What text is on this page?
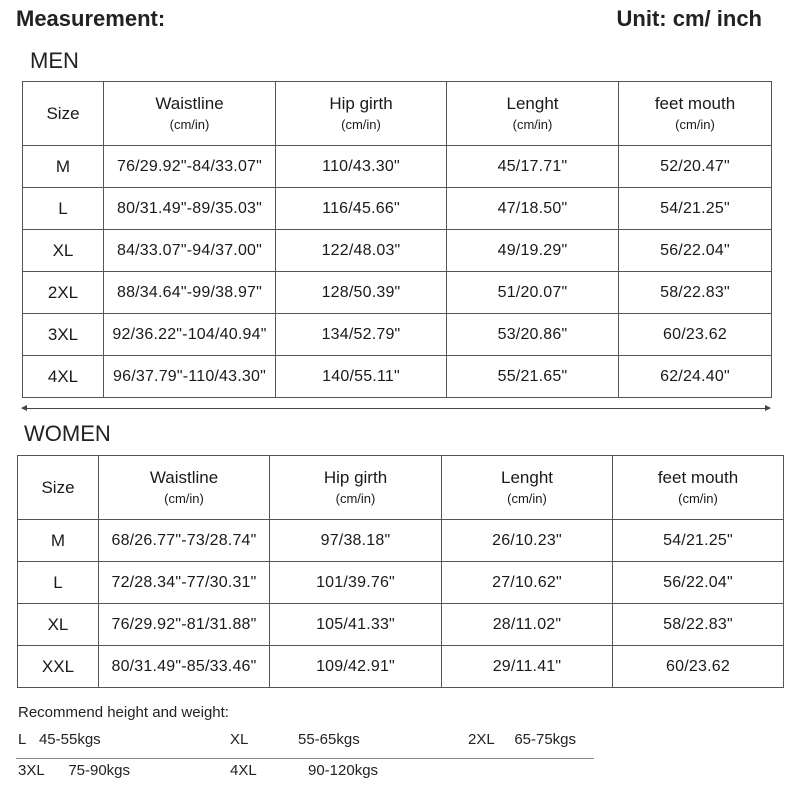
Measurement:	Unit: cm/ inch
MEN
Size	Waistline
(cm/in)	Hip girth
(cm/in)	Lenght
(cm/in)	feet mouth
(cm/in)

M	76/29.92"-84/33.07"	110/43.30"	45/17.71"	52/20.47"
L	80/31.49"-89/35.03"	116/45.66"	47/18.50"	54/21.25"
XL	84/33.07"-94/37.00"	122/48.03"	49/19.29"	56/22.04"
2XL	88/34.64"-99/38.97"	128/50.39"	51/20.07"	58/22.83"
3XL	92/36.22"-104/40.94"	134/52.79"	53/20.86"	60/23.62
4XL	96/37.79"-110/43.30"	140/55.11"	55/21.65"	62/24.40"
WOMEN
Size	Waistline
(cm/in)	Hip girth
(cm/in)	Lenght
(cm/in)	feet mouth
(cm/in)

M	68/26.77"-73/28.74"	97/38.18"	26/10.23"	54/21.25"
L	72/28.34"-77/30.31"	101/39.76"	27/10.62"	56/22.04"
XL	76/29.92"-81/31.88"	105/41.33"	28/11.02"	58/22.83"
XXL	80/31.49"-85/33.46"	109/42.91"	29/11.41"	60/23.62
Recommend height and weight:
L 45-55kgs	XL	55-65kgs	2XL 65-75kgs
3XL 75-90kgs	4XL	90-120kgs
